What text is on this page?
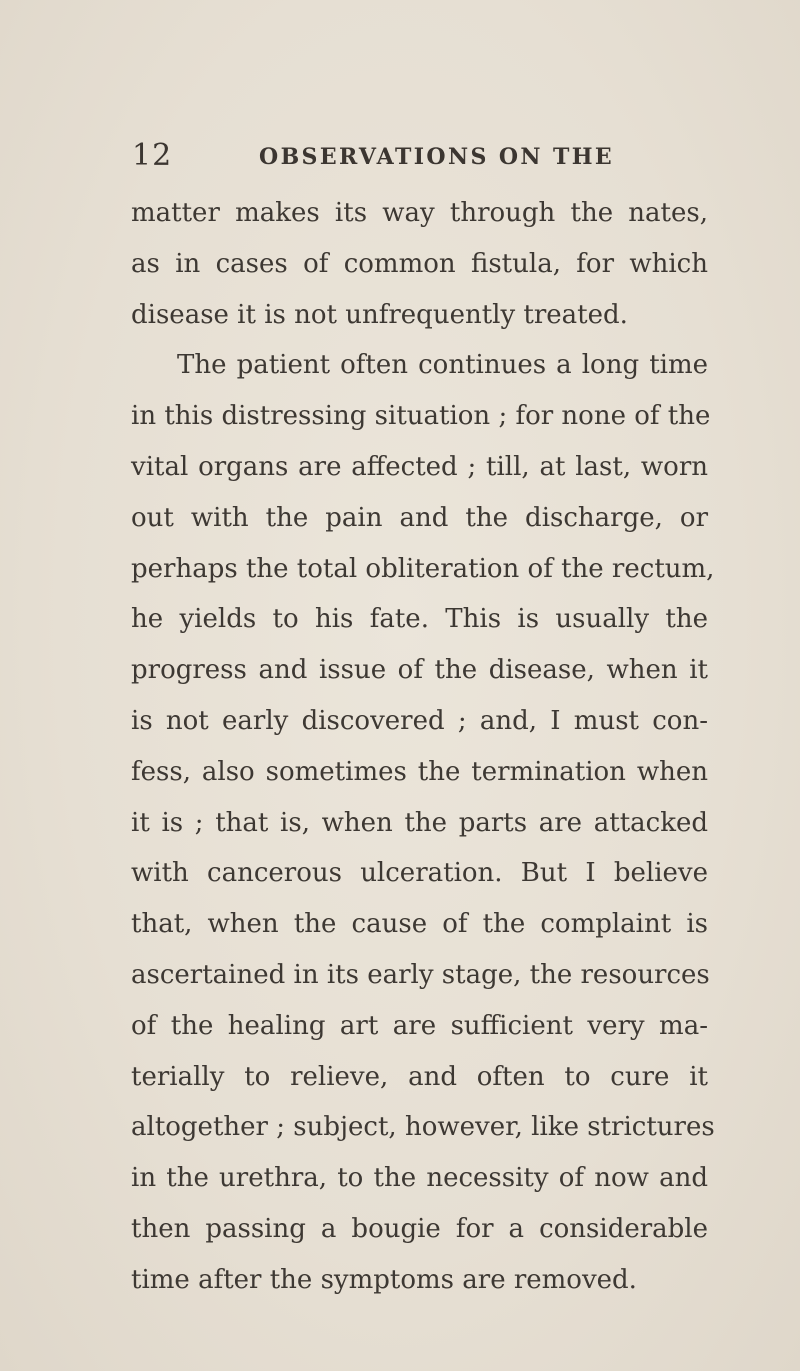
12	OBSERVATIONS ON THE
matter makes its way through the nates,
as in cases of common fistula, for which
disease it is not unfrequently treated.
The patient often continues a long time
in this distressing situation ; for none of the
vital organs are affected ; till, at last, worn
out with the pain and the discharge, or
perhaps the total obliteration of the rectum,
he yields to his fate. This is usually the
progress and issue of the disease, when it
is not early discovered ; and, I must con-
fess, also sometimes the termination when
it is ; that is, when the parts are attacked
with cancerous ulceration. But I believe
that, when the cause of the complaint is
ascertained in its early stage, the resources
of the healing art are sufficient very ma-
terially to relieve, and often to cure it
altogether ; subject, however, like strictures
in the urethra, to the necessity of now and
then passing a bougie for a considerable
time after the symptoms are removed.
